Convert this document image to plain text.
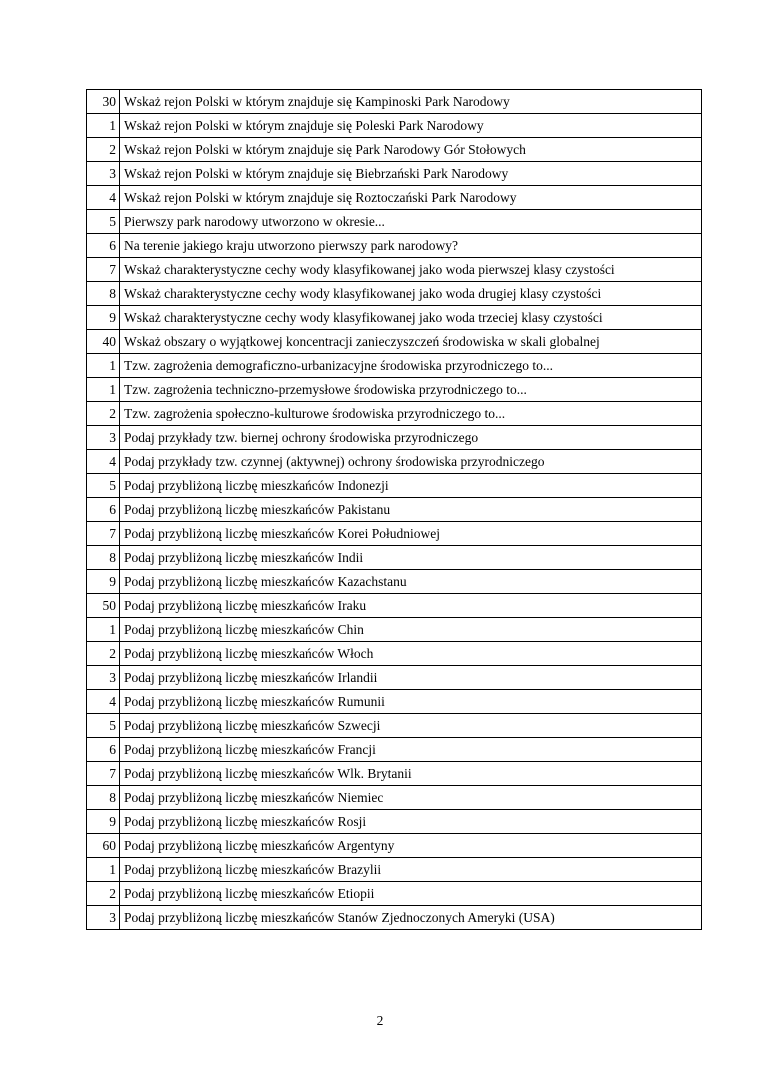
30	Wskaż rejon Polski w którym znajduje się Kampinoski Park Narodowy
1	Wskaż rejon Polski w którym znajduje się Poleski Park Narodowy
2	Wskaż rejon Polski w którym znajduje się Park Narodowy Gór Stołowych
3	Wskaż rejon Polski w którym znajduje się Biebrzański Park Narodowy
4	Wskaż rejon Polski w którym znajduje się Roztoczański Park Narodowy
5	Pierwszy park narodowy utworzono w okresie...
6	Na terenie jakiego kraju utworzono pierwszy park narodowy?
7	Wskaż charakterystyczne cechy wody klasyfikowanej jako woda pierwszej klasy czystości
8	Wskaż charakterystyczne cechy wody klasyfikowanej jako woda drugiej klasy czystości
9	Wskaż charakterystyczne cechy wody klasyfikowanej jako woda trzeciej klasy czystości
40	Wskaż obszary o wyjątkowej koncentracji zanieczyszczeń środowiska w skali globalnej
1	Tzw. zagrożenia demograficzno-urbanizacyjne środowiska przyrodniczego to...
1	Tzw. zagrożenia techniczno-przemysłowe środowiska przyrodniczego to...
2	Tzw. zagrożenia społeczno-kulturowe środowiska przyrodniczego to...
3	Podaj przykłady tzw. biernej ochrony środowiska przyrodniczego
4	Podaj przykłady tzw. czynnej (aktywnej) ochrony środowiska przyrodniczego
5	Podaj przybliżoną liczbę mieszkańców Indonezji
6	Podaj przybliżoną liczbę mieszkańców Pakistanu
7	Podaj przybliżoną liczbę mieszkańców Korei Południowej
8	Podaj przybliżoną liczbę mieszkańców Indii
9	Podaj przybliżoną liczbę mieszkańców Kazachstanu
50	Podaj przybliżoną liczbę mieszkańców Iraku
1	Podaj przybliżoną liczbę mieszkańców Chin
2	Podaj przybliżoną liczbę mieszkańców Włoch
3	Podaj przybliżoną liczbę mieszkańców Irlandii
4	Podaj przybliżoną liczbę mieszkańców Rumunii
5	Podaj przybliżoną liczbę mieszkańców Szwecji
6	Podaj przybliżoną liczbę mieszkańców Francji
7	Podaj przybliżoną liczbę mieszkańców Wlk. Brytanii
8	Podaj przybliżoną liczbę mieszkańców Niemiec
9	Podaj przybliżoną liczbę mieszkańców Rosji
60	Podaj przybliżoną liczbę mieszkańców Argentyny
1	Podaj przybliżoną liczbę mieszkańców Brazylii
2	Podaj przybliżoną liczbę mieszkańców Etiopii
3	Podaj przybliżoną liczbę mieszkańców Stanów Zjednoczonych Ameryki (USA)
2
